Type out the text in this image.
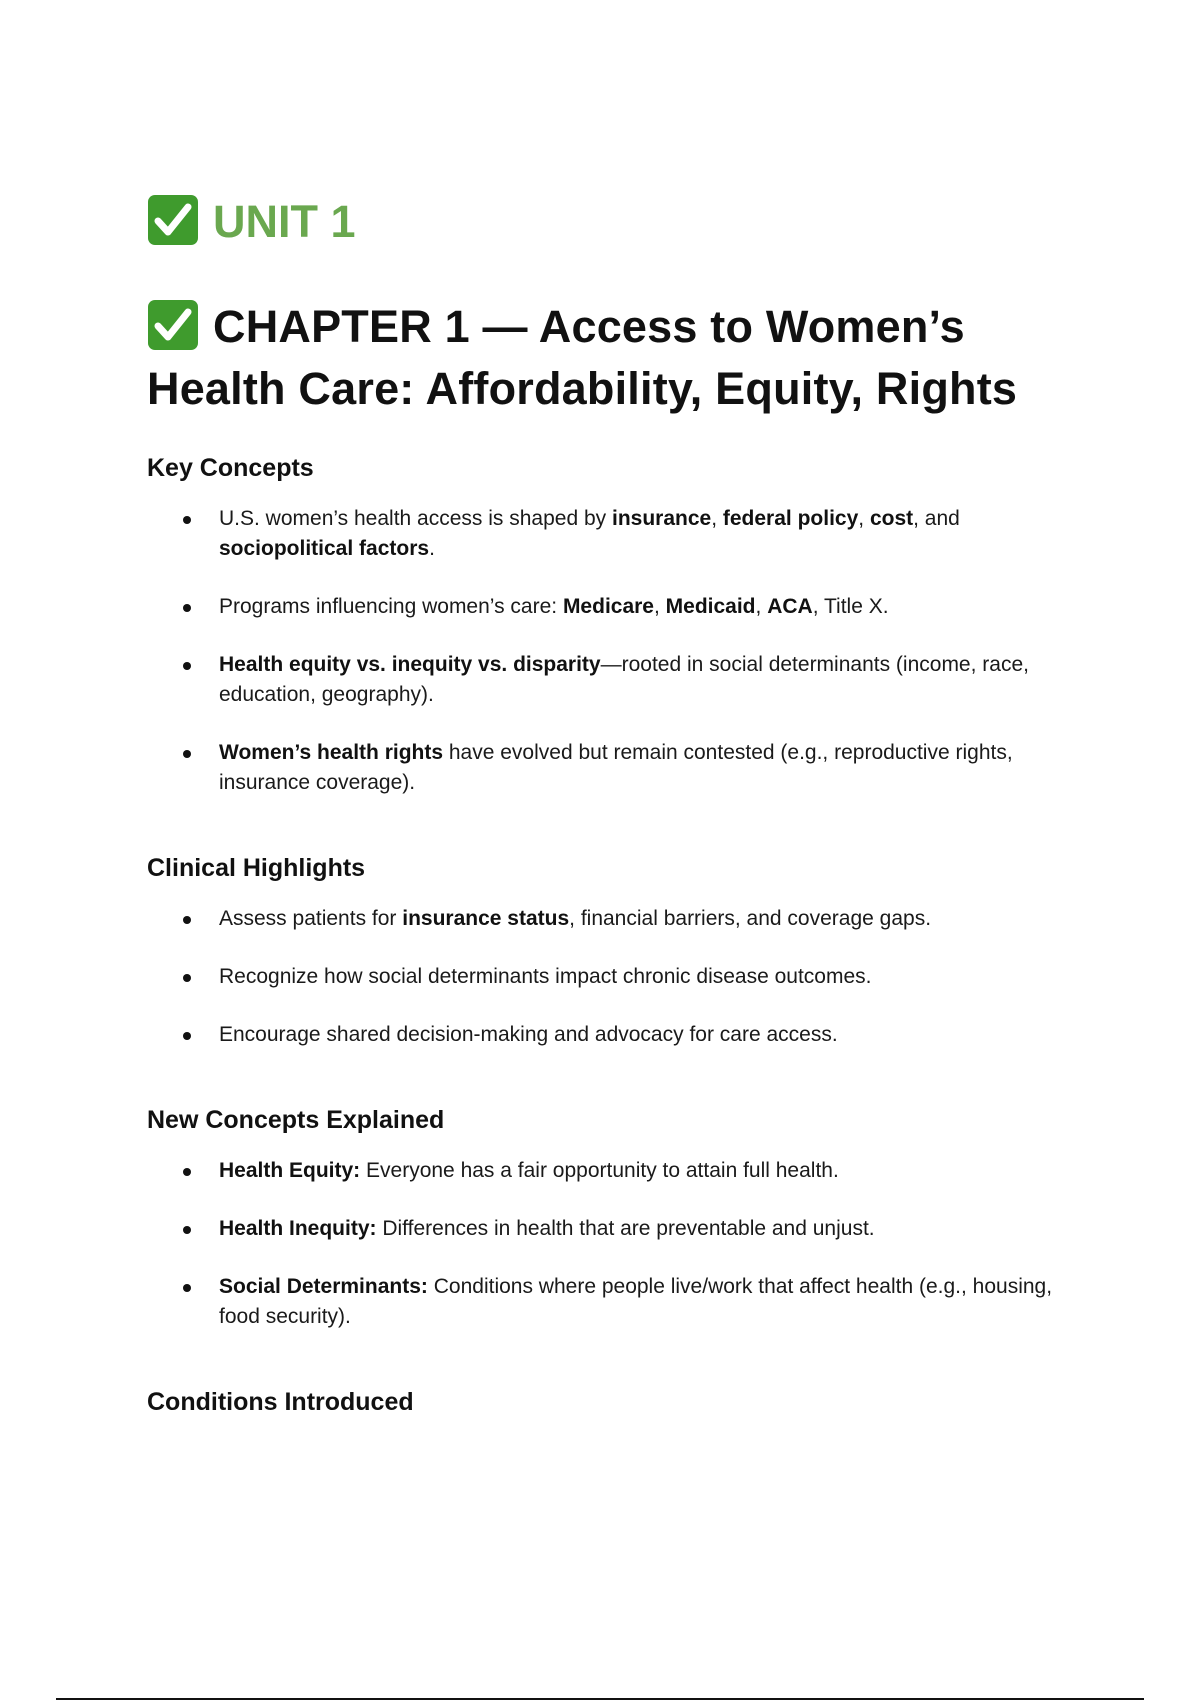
UNIT 1
CHAPTER 1 — Access to Women’s Health Care: Affordability, Equity, Rights
Key Concepts
U.S. women’s health access is shaped by insurance, federal policy, cost, and sociopolitical factors.
Programs influencing women’s care: Medicare, Medicaid, ACA, Title X.
Health equity vs. inequity vs. disparity—rooted in social determinants (income, race, education, geography).
Women’s health rights have evolved but remain contested (e.g., reproductive rights, insurance coverage).
Clinical Highlights
Assess patients for insurance status, financial barriers, and coverage gaps.
Recognize how social determinants impact chronic disease outcomes.
Encourage shared decision-making and advocacy for care access.
New Concepts Explained
Health Equity: Everyone has a fair opportunity to attain full health.
Health Inequity: Differences in health that are preventable and unjust.
Social Determinants: Conditions where people live/work that affect health (e.g., housing, food security).
Conditions Introduced
